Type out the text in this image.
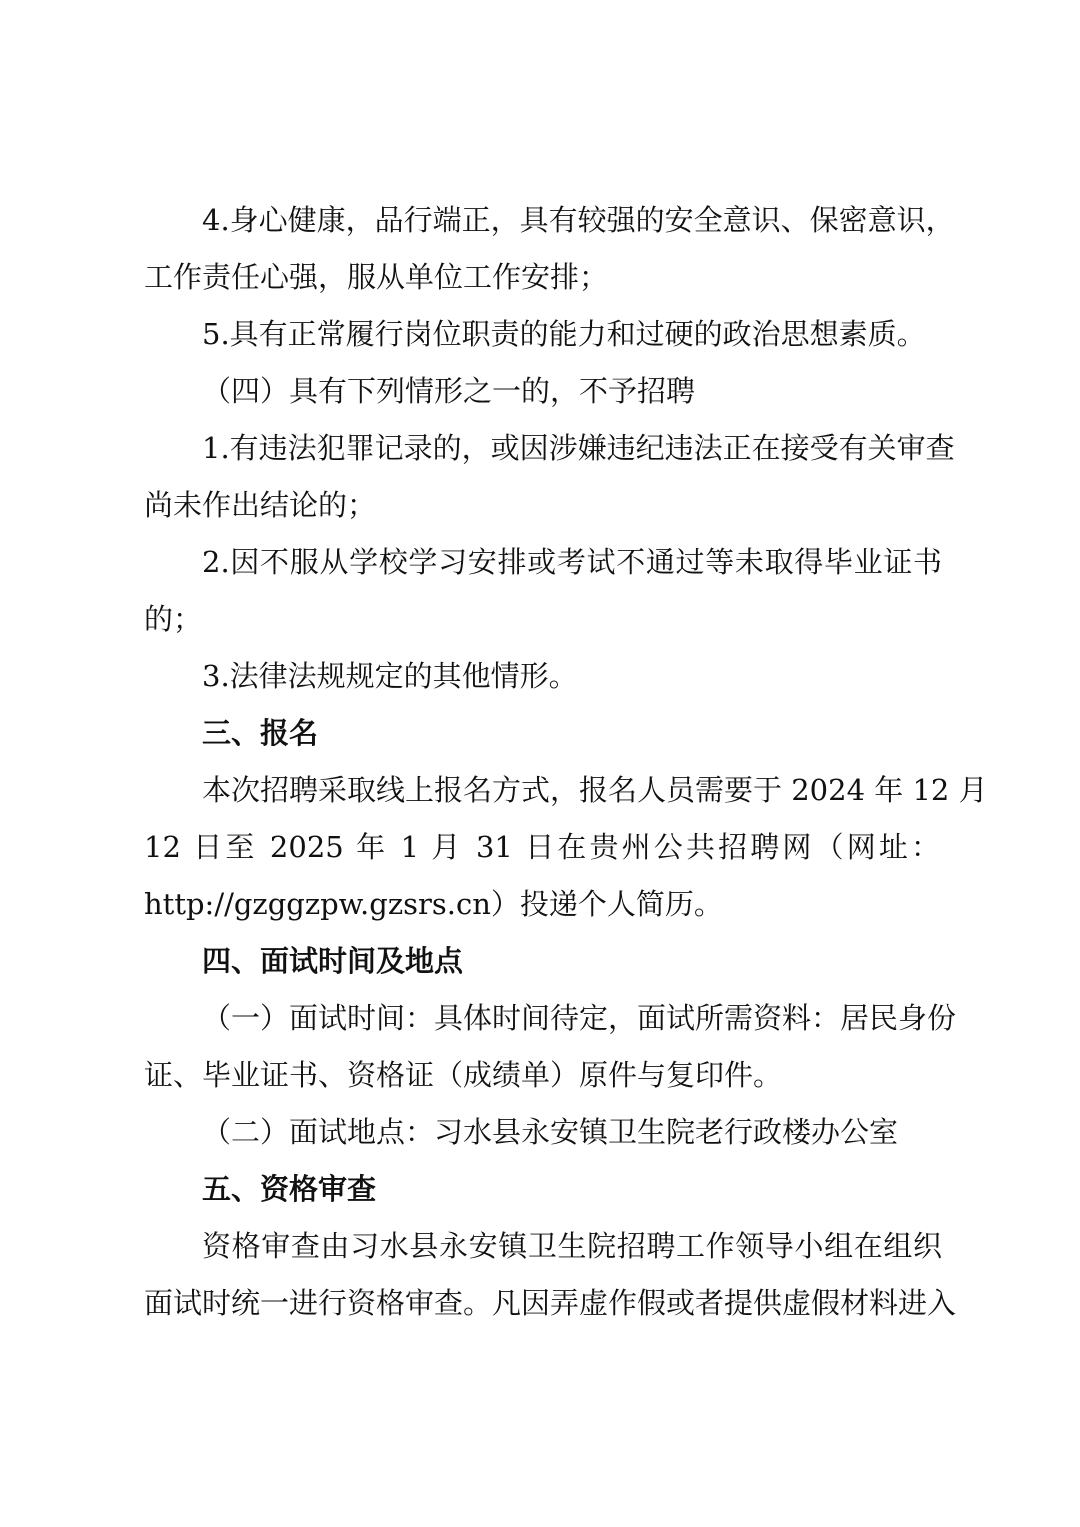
4.身心健康，品行端正，具有较强的安全意识、保密意识，
工作责任心强，服从单位工作安排；
5.具有正常履行岗位职责的能力和过硬的政治思想素质。
（四）具有下列情形之一的，不予招聘
1.有违法犯罪记录的，或因涉嫌违纪违法正在接受有关审查
尚未作出结论的；
2.因不服从学校学习安排或考试不通过等未取得毕业证书
的；
3.法律法规规定的其他情形。
三、报名
本次招聘采取线上报名方式，报名人员需要于 2024 年 12 月
12 日至 2025 年 1 月 31 日在贵州公共招聘网（网址：
http://gzggzpw.gzsrs.cn）投递个人简历。
四、面试时间及地点
（一）面试时间：具体时间待定，面试所需资料：居民身份
证、毕业证书、资格证（成绩单）原件与复印件。
（二）面试地点：习水县永安镇卫生院老行政楼办公室
五、资格审查
资格审查由习水县永安镇卫生院招聘工作领导小组在组织
面试时统一进行资格审查。凡因弄虚作假或者提供虚假材料进入
